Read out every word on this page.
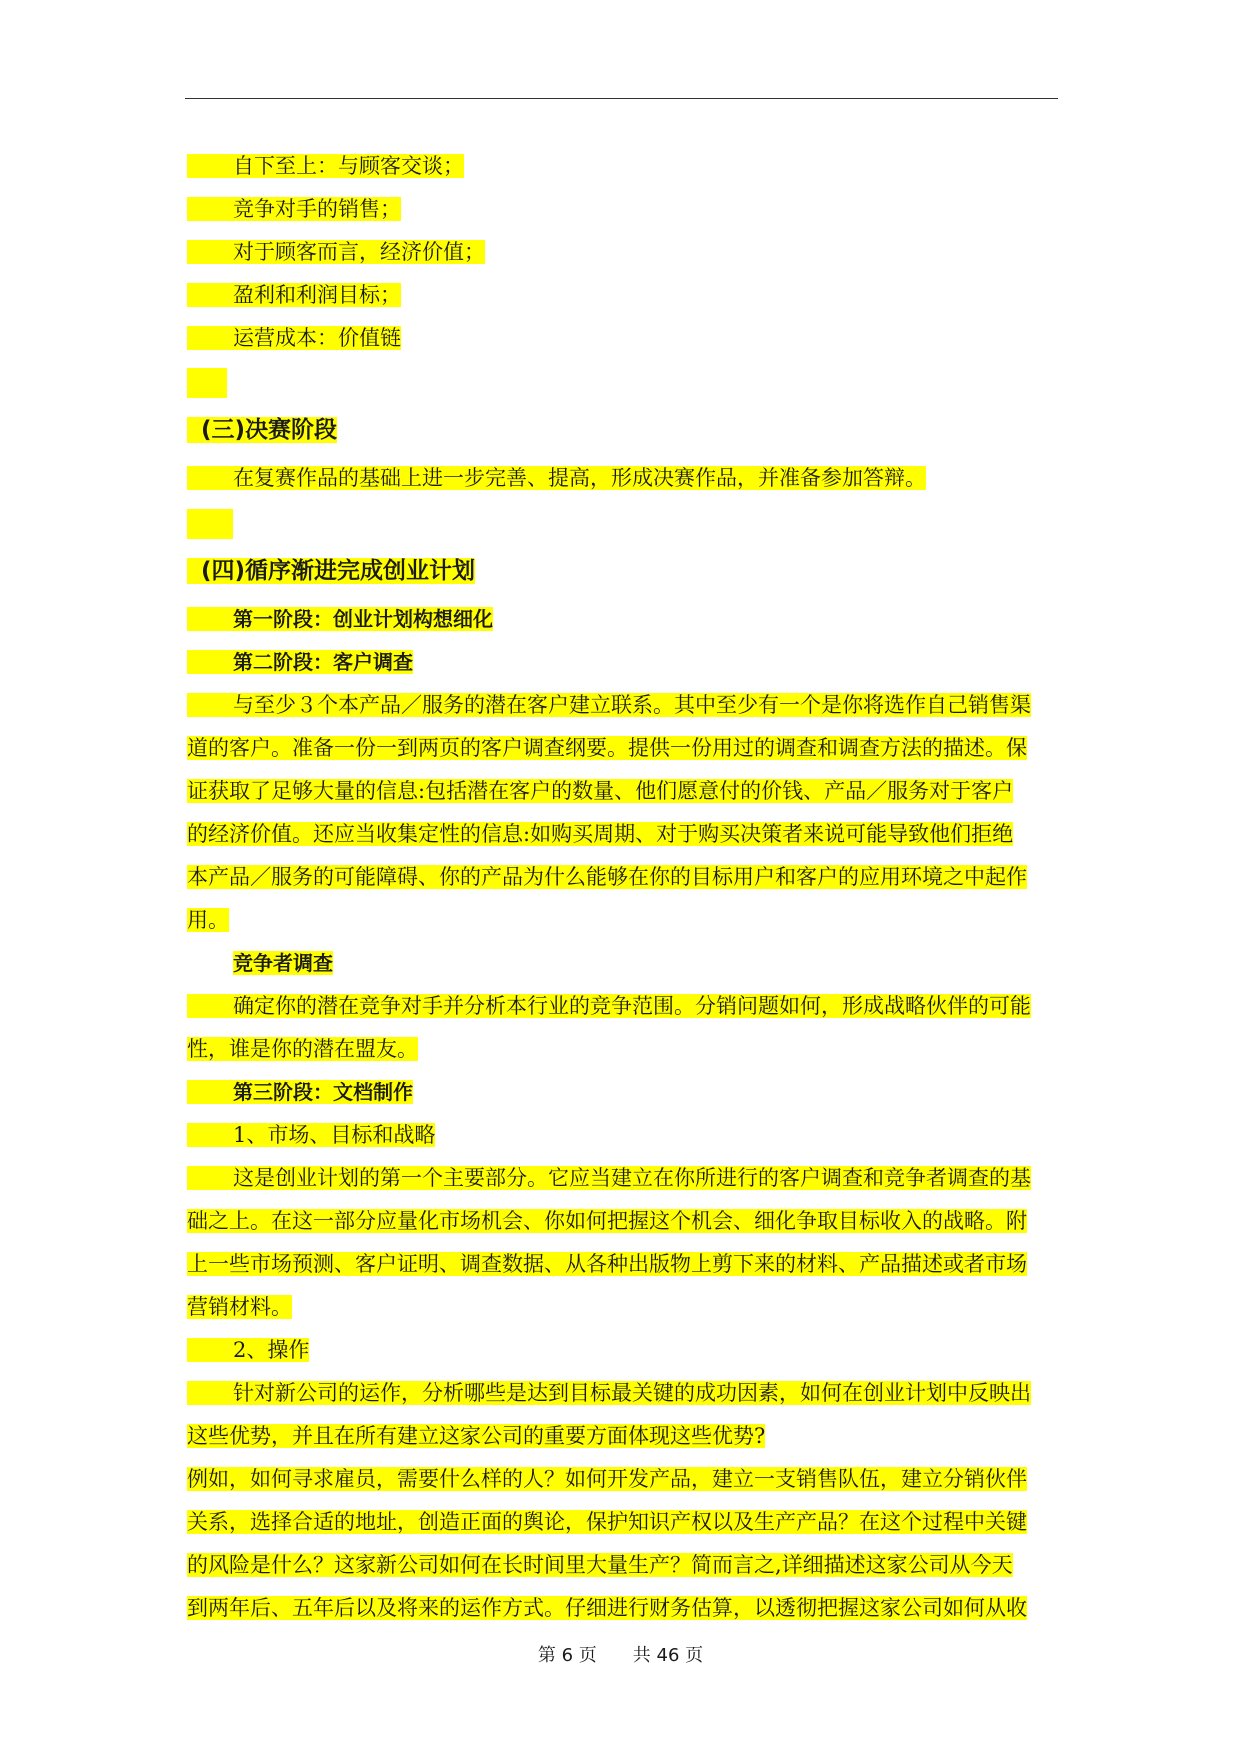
自下至上：与顾客交谈；
竞争对手的销售；
对于顾客而言，经济价值；
盈利和利润目标；
运营成本：价值链
(三)决赛阶段
在复赛作品的基础上进一步完善、提高，形成决赛作品，并准备参加答辩。
(四)循序渐进完成创业计划
第一阶段：创业计划构想细化
第二阶段：客户调查
与至少３个本产品／服务的潜在客户建立联系。其中至少有一个是你将选作自己销售渠
道的客户。准备一份一到两页的客户调查纲要。提供一份用过的调查和调查方法的描述。保
证获取了足够大量的信息:包括潜在客户的数量、他们愿意付的价钱、产品／服务对于客户
的经济价值。还应当收集定性的信息:如购买周期、对于购买决策者来说可能导致他们拒绝
本产品／服务的可能障碍、你的产品为什么能够在你的目标用户和客户的应用环境之中起作
用。
竞争者调查
确定你的潜在竞争对手并分析本行业的竞争范围。分销问题如何，形成战略伙伴的可能
性，谁是你的潜在盟友。
第三阶段：文档制作
1、市场、目标和战略
这是创业计划的第一个主要部分。它应当建立在你所进行的客户调查和竞争者调查的基
础之上。在这一部分应量化市场机会、你如何把握这个机会、细化争取目标收入的战略。附
上一些市场预测、客户证明、调查数据、从各种出版物上剪下来的材料、产品描述或者市场
营销材料。
2、操作
针对新公司的运作，分析哪些是达到目标最关键的成功因素，如何在创业计划中反映出
这些优势，并且在所有建立这家公司的重要方面体现这些优势?
例如，如何寻求雇员，需要什么样的人？如何开发产品，建立一支销售队伍，建立分销伙伴
关系，选择合适的地址，创造正面的舆论，保护知识产权以及生产产品？在这个过程中关键
的风险是什么？这家新公司如何在长时间里大量生产？简而言之,详细描述这家公司从今天
到两年后、五年后以及将来的运作方式。仔细进行财务估算，以透彻把握这家公司如何从收
第 6 页　　共 46 页
